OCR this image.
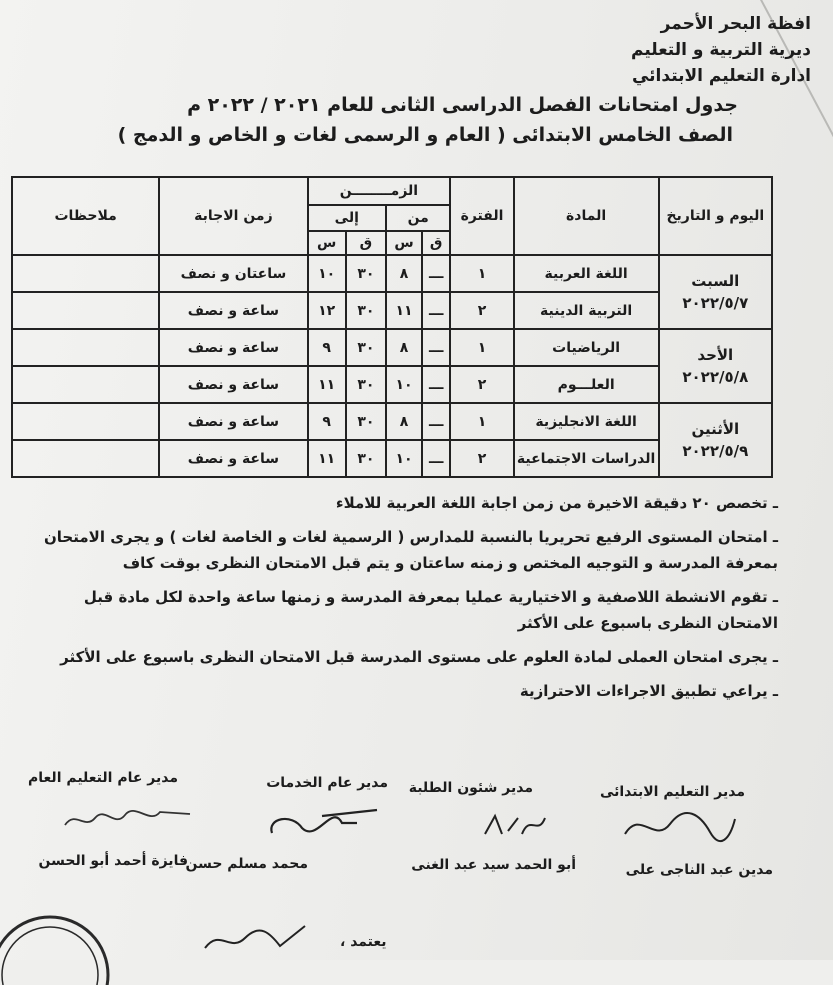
افظة البحر الأحمر
ديرية التربية و التعليم
ادارة التعليم الابتدائي
جدول امتحانات الفصل الدراسى الثانى للعام ٢٠٢١ / ٢٠٢٢ م
الصف الخامس الابتدائى ( العام و الرسمى لغات و الخاص و الدمج )
اليوم و التاريخ	المادة	الفترة	الزمــــــــن				زمن الاجابة	ملاحظات
			من		إلى			
			ق	س	ق	س		

السبت
٢٠٢٢/٥/٧	اللغة العربية	١	ـــ	٨	٣٠	١٠	ساعتان و نصف	
	التربية الدينية	٢	ـــ	١١	٣٠	١٢	ساعة و نصف	

الأحد
٢٠٢٢/٥/٨	الرياضيات	١	ـــ	٨	٣٠	٩	ساعة و نصف	
	العلـــوم	٢	ـــ	١٠	٣٠	١١	ساعة و نصف	

الأثنين
٢٠٢٢/٥/٩	اللغة الانجليزية	١	ـــ	٨	٣٠	٩	ساعة و نصف	
	الدراسات الاجتماعية	٢	ـــ	١٠	٣٠	١١	ساعة و نصف	
ـ تخصص ٢٠ دقيقة الاخيرة من زمن اجابة اللغة العربية للاملاء
ـ امتحان المستوى الرفيع تحريريا بالنسبة للمدارس ( الرسمية لغات و الخاصة لغات ) و يجرى الامتحان بمعرفة المدرسة و التوجيه المختص و زمنه ساعتان و يتم قبل الامتحان النظرى بوقت كاف
ـ تقوم الانشطة اللاصفية و الاختيارية عمليا بمعرفة المدرسة و زمنها ساعة واحدة لكل مادة قبل الامتحان النظرى باسبوع على الأكثر
ـ يجرى امتحان العملى لمادة العلوم على مستوى المدرسة قبل الامتحان النظرى باسبوع على الأكثر
ـ يراعي تطبيق الاجراءات الاحترازية
مدير التعليم الابتدائى
مدين عبد الناجى على
مدير شئون الطلبة
أبو الحمد سيد عبد الغنى
مدير عام الخدمات
محمد مسلم حسن
مدير عام التعليم العام
فايزة أحمد أبو الحسن
يعتمد ،
